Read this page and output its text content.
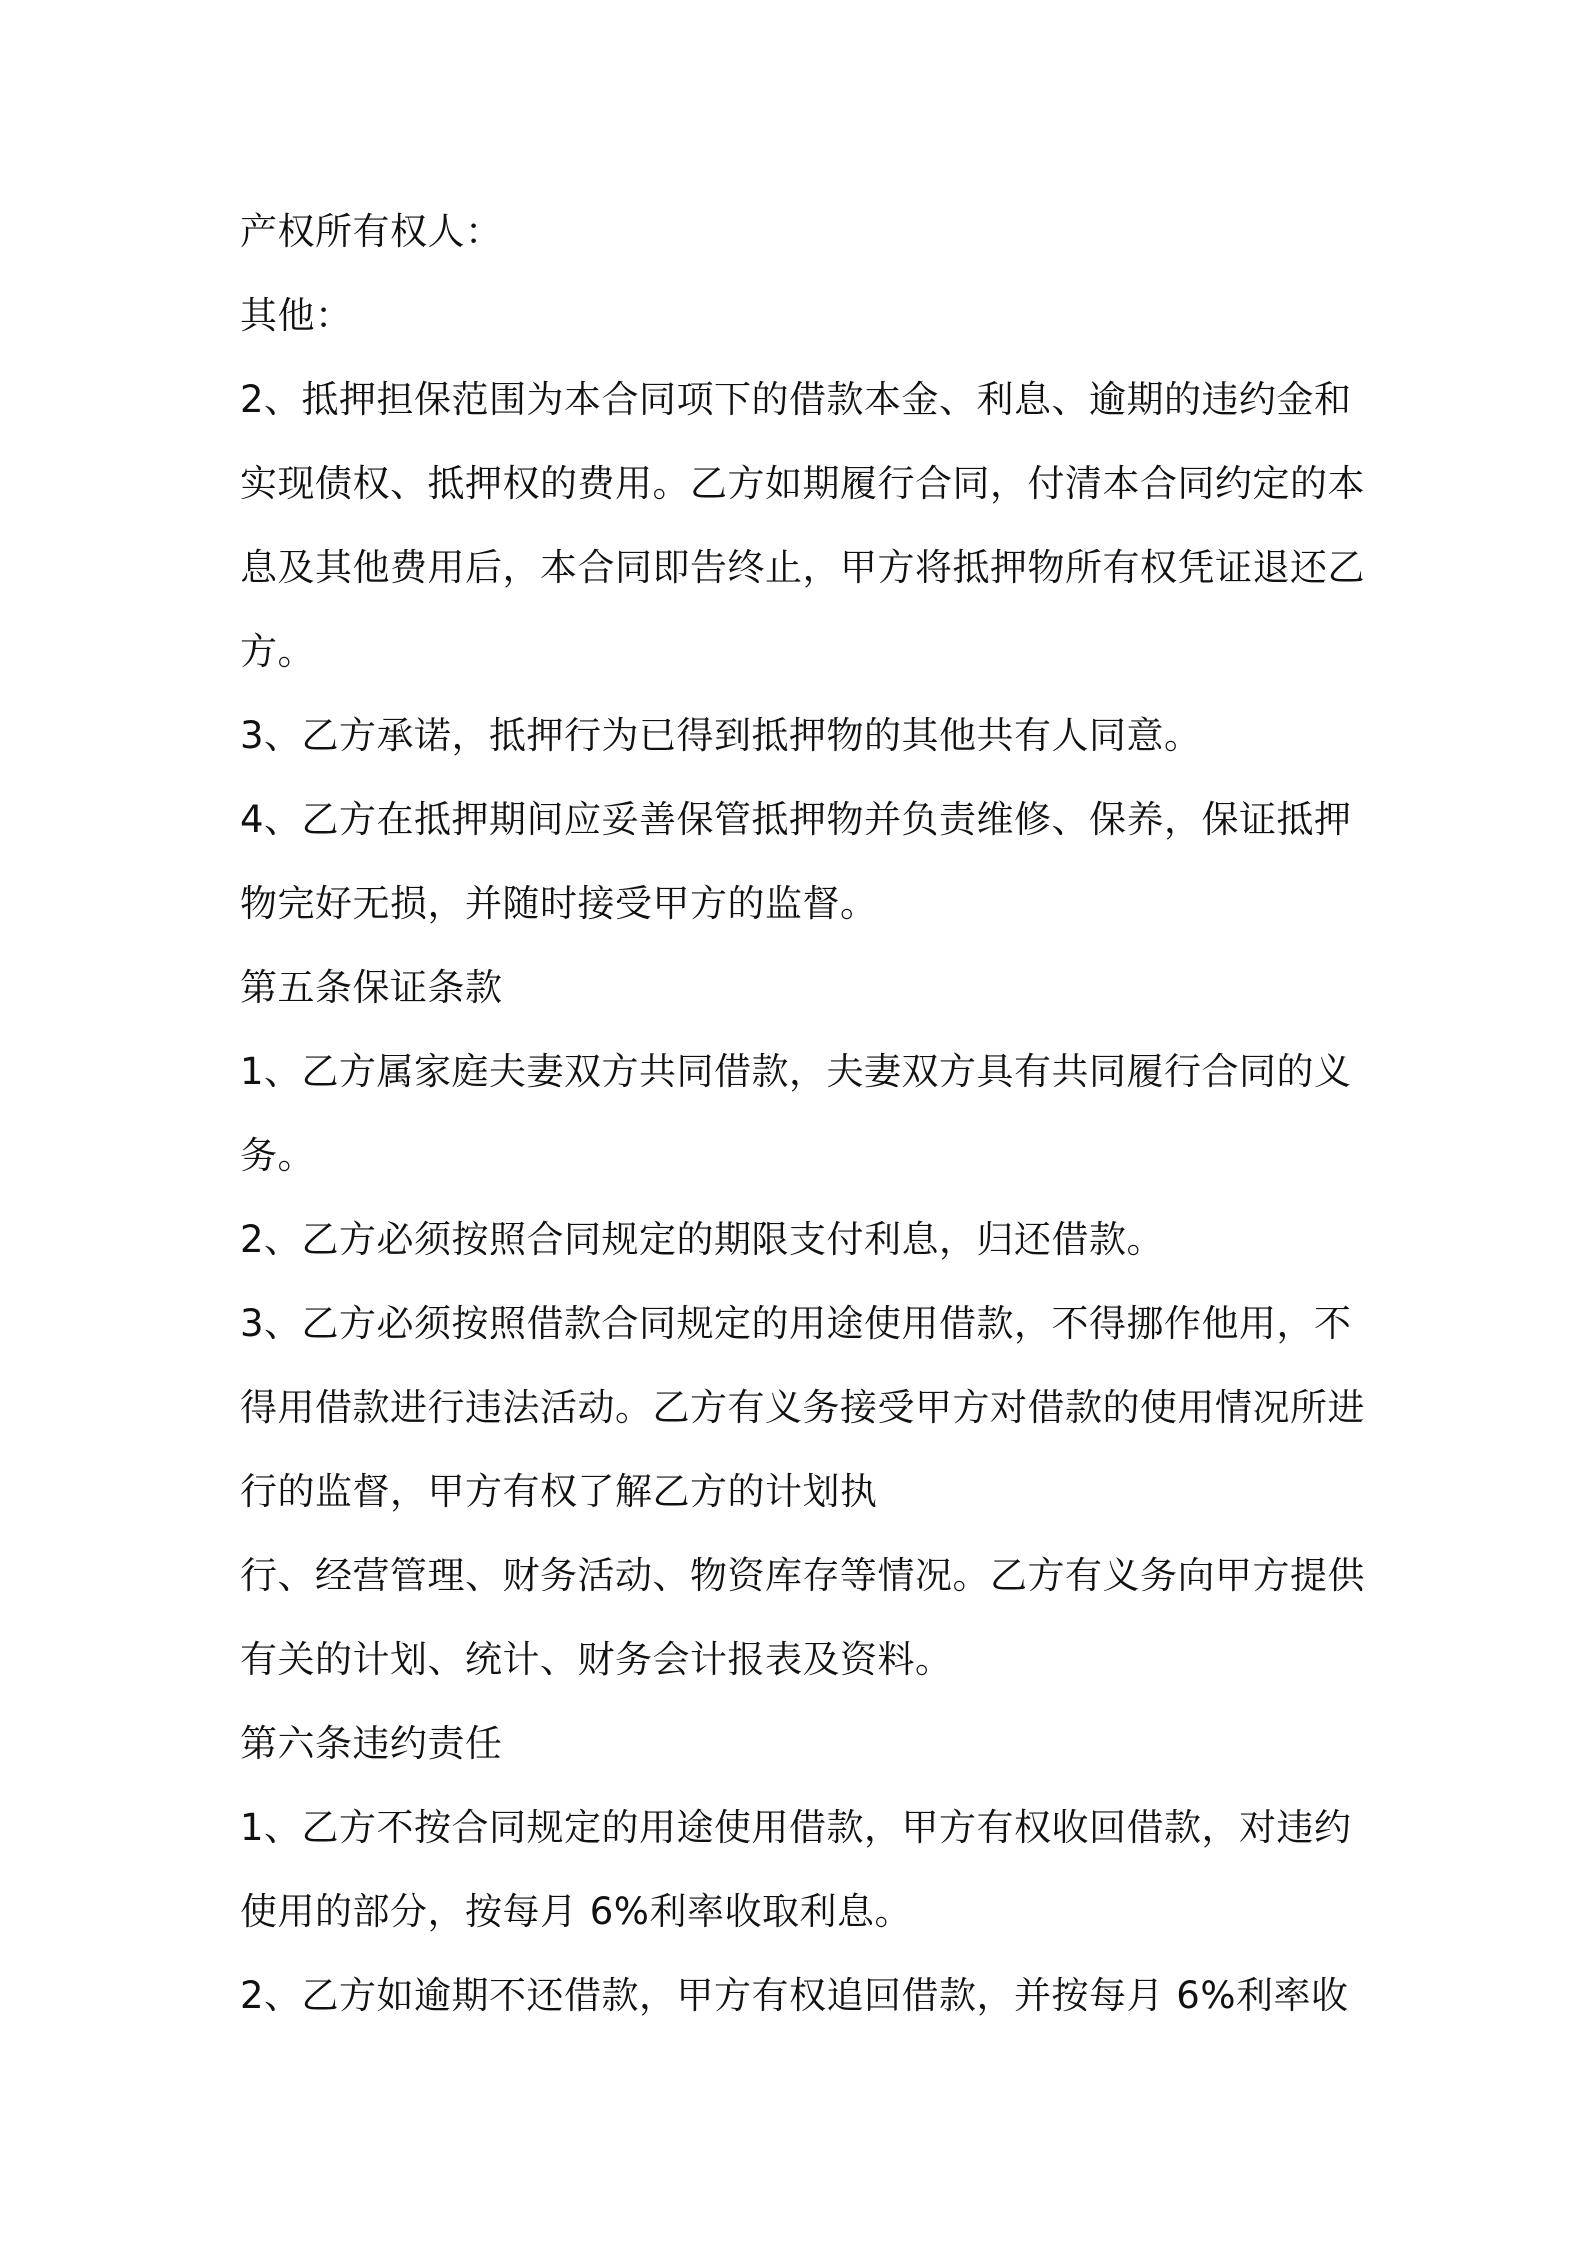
产权所有权人：

其他：

2、抵押担保范围为本合同项下的借款本金、利息、逾期的违约金和

实现债权、抵押权的费用。乙方如期履行合同，付清本合同约定的本

息及其他费用后，本合同即告终止，甲方将抵押物所有权凭证退还乙

方。

3、乙方承诺，抵押行为已得到抵押物的其他共有人同意。

4、乙方在抵押期间应妥善保管抵押物并负责维修、保养，保证抵押

物完好无损，并随时接受甲方的监督。

第五条保证条款

1、乙方属家庭夫妻双方共同借款，夫妻双方具有共同履行合同的义

务。

2、乙方必须按照合同规定的期限支付利息，归还借款。

3、乙方必须按照借款合同规定的用途使用借款，不得挪作他用，不

得用借款进行违法活动。乙方有义务接受甲方对借款的使用情况所进

行的监督，甲方有权了解乙方的计划执

行、经营管理、财务活动、物资库存等情况。乙方有义务向甲方提供

有关的计划、统计、财务会计报表及资料。

第六条违约责任

1、乙方不按合同规定的用途使用借款，甲方有权收回借款，对违约

使用的部分，按每月 6%利率收取利息。

2、乙方如逾期不还借款，甲方有权追回借款，并按每月 6%利率收
